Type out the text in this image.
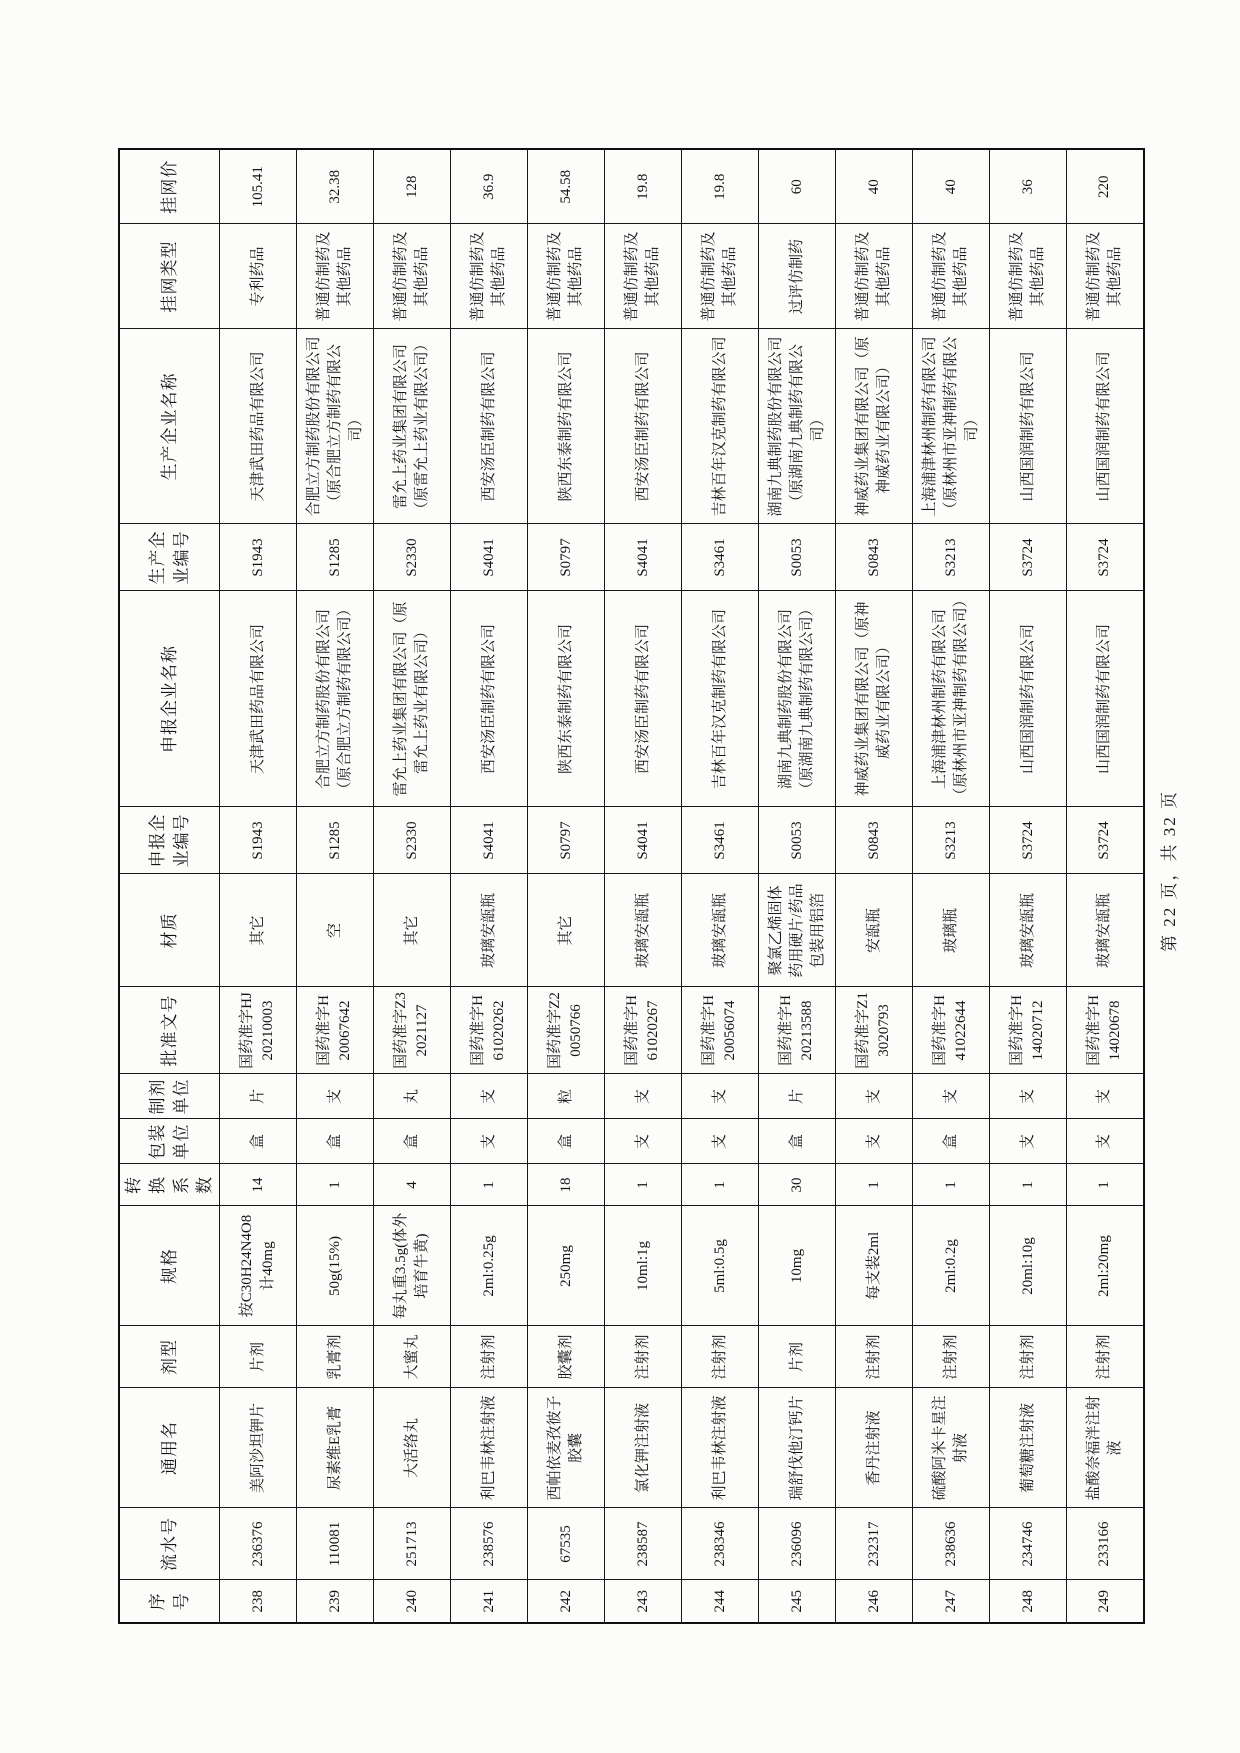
序号	流水号	通用名	剂型	规格	转换系数	包装单位	制剂单位	批准文号	材质	申报企业编号	申报企业名称	生产企业编号	生产企业名称	挂网类型	挂网价
238	236376	美阿沙坦钾片	片剂	按C30H24N4O8计40mg	14	盒	片	国药准字HJ20210003	其它	S1943	天津武田药品有限公司	S1943	天津武田药品有限公司	专利药品	105.41
239	110081	尿素维E乳膏	乳膏剂	50g(15%)	1	盒	支	国药准字H20067642	空	S1285	合肥立方制药股份有限公司（原合肥立方制药有限公司）	S1285	合肥立方制药股份有限公司（原合肥立方制药有限公司）	普通仿制药及其他药品	32.38
240	251713	大活络丸	大蜜丸	每丸重3.5g(体外培育牛黄)	4	盒	丸	国药准字Z32021127	其它	S2330	雷允上药业集团有限公司（原雷允上药业有限公司）	S2330	雷允上药业集团有限公司（原雷允上药业有限公司）	普通仿制药及其他药品	128
241	238576	利巴韦林注射液	注射剂	2ml:0.25g	1	支	支	国药准字H61020262	玻璃安瓿瓶	S4041	西安汤臣制药有限公司	S4041	西安汤臣制药有限公司	普通仿制药及其他药品	36.9
242	67535	西帕依麦孜彼子胶囊	胶囊剂	250mg	18	盒	粒	国药准字Z20050766	其它	S0797	陕西东泰制药有限公司	S0797	陕西东泰制药有限公司	普通仿制药及其他药品	54.58
243	238587	氯化钾注射液	注射剂	10ml:1g	1	支	支	国药准字H61020267	玻璃安瓿瓶	S4041	西安汤臣制药有限公司	S4041	西安汤臣制药有限公司	普通仿制药及其他药品	19.8
244	238346	利巴韦林注射液	注射剂	5ml:0.5g	1	支	支	国药准字H20056074	玻璃安瓿瓶	S3461	吉林百年汉克制药有限公司	S3461	吉林百年汉克制药有限公司	普通仿制药及其他药品	19.8
245	236096	瑞舒伐他汀钙片	片剂	10mg	30	盒	片	国药准字H20213588	聚氯乙烯固体药用硬片/药品包装用铝箔	S0053	湖南九典制药股份有限公司（原湖南九典制药有限公司）	S0053	湖南九典制药股份有限公司（原湖南九典制药有限公司）	过评仿制药	60
246	232317	香丹注射液	注射剂	每支装2ml	1	支	支	国药准字Z13020793	安瓿瓶	S0843	神威药业集团有限公司（原神威药业有限公司）	S0843	神威药业集团有限公司（原神威药业有限公司）	普通仿制药及其他药品	40
247	238636	硫酸阿米卡星注射液	注射剂	2ml:0.2g	1	盒	支	国药准字H41022644	玻璃瓶	S3213	上海浦津林州制药有限公司（原林州市亚神制药有限公司）	S3213	上海浦津林州制药有限公司（原林州市亚神制药有限公司）	普通仿制药及其他药品	40
248	234746	葡萄糖注射液	注射剂	20ml:10g	1	支	支	国药准字H14020712	玻璃安瓿瓶	S3724	山西国润制药有限公司	S3724	山西国润制药有限公司	普通仿制药及其他药品	36
249	233166	盐酸奈福泮注射液	注射剂	2ml:20mg	1	支	支	国药准字H14020678	玻璃安瓿瓶	S3724	山西国润制药有限公司	S3724	山西国润制药有限公司	普通仿制药及其他药品	220
第 22 页，共 32 页
